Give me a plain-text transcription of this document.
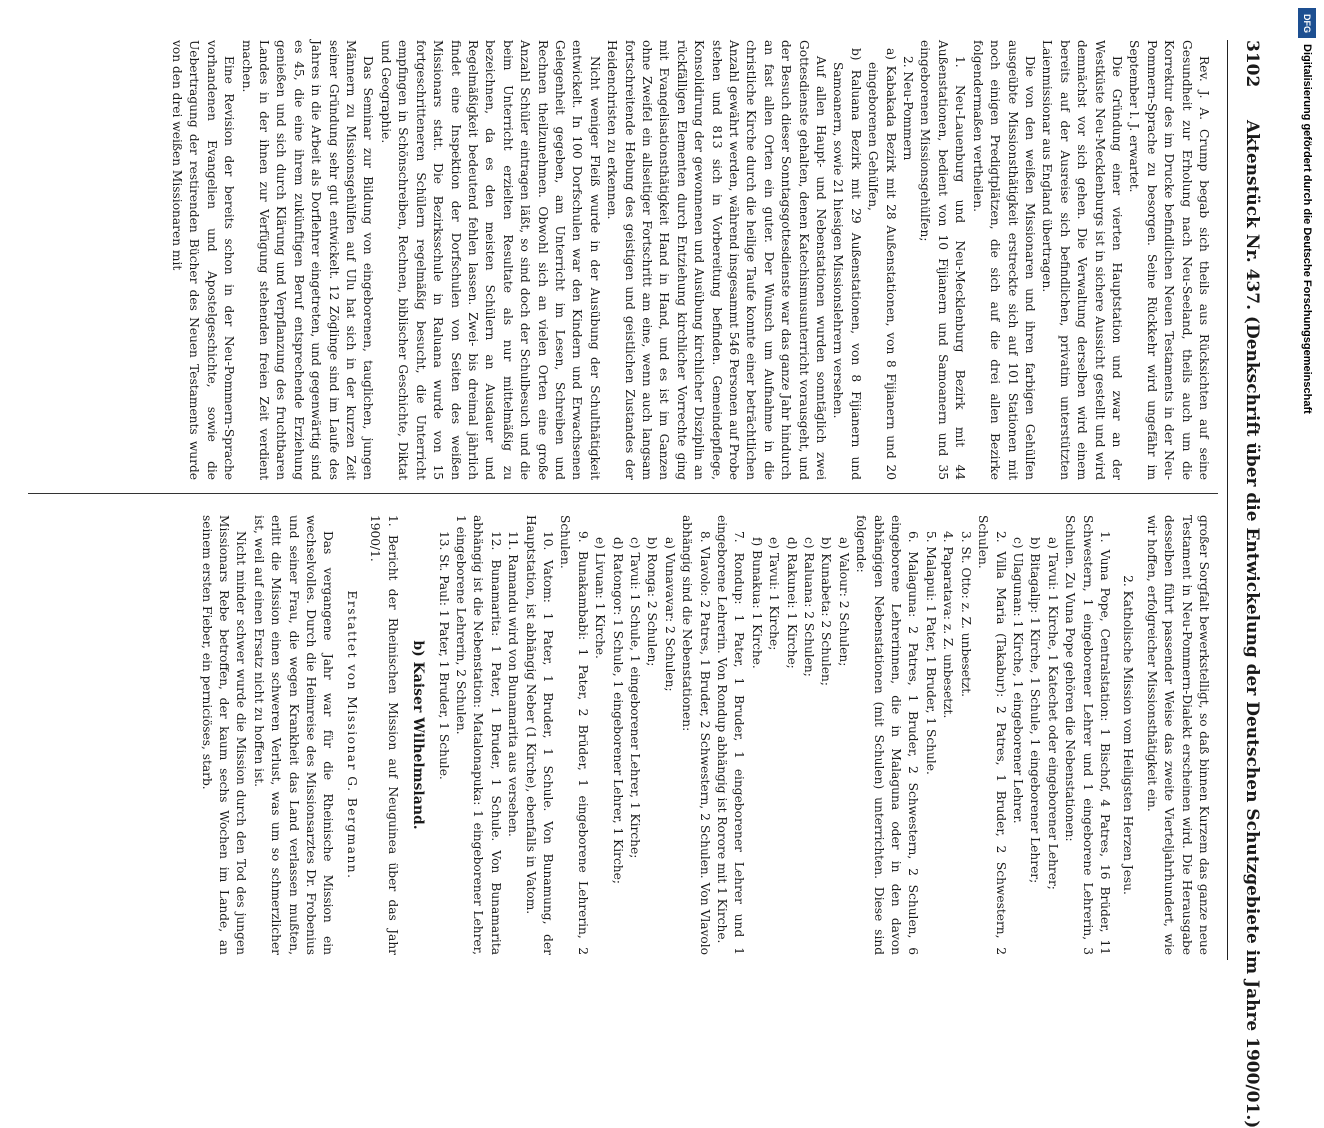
3102
Aktenstück Nr. 437. (Denkschrift über die Entwickelung der Deutschen Schutzgebiete im Jahre 1900/01.)

Rev. J. A. Crump begab sich theils aus Rücksichten auf seine Gesundheit zur Erholung nach Neu-Seeland, theils auch um die Korrektur des im Drucke befindlichen Neuen Testaments in der Neu-Pommern-Sprache zu besorgen. Seine Rückkehr wird ungefähr im September l. J. erwartet.

Die Gründung einer vierten Hauptstation und zwar an der Westküste Neu-Mecklenburgs ist in sichere Aussicht gestellt und wird demnächst vor sich gehen. Die Verwaltung derselben wird einem bereits auf der Ausreise sich befindlichen, privatim unterstützten Laienmissionar aus England übertragen.

Die von den weißen Missionaren und ihren farbigen Gehülfen ausgeübte Missionsthätigkeit erstreckte sich auf 101 Stationen mit noch einigen Predigtplätzen, die sich auf die drei allen Bezirke folgendermaßen vertheilen.

1. Neu-Lauenburg und Neu-Mecklenburg Bezirk mit 44 Außenstationen, bedient von 10 Fijianern und Samoanern und 35 eingeborenen Missionsgehülfen;

2. Neu-Pommern

a) Kabakada Bezirk mit 28 Außenstationen, von 8 Fijianern und 20 eingeborenen Gehülfen,

b) Raluana Bezirk mit 29 Außenstationen, von 8 Fijianern und Samoanern, sowie 21 hiesigen Missionslehrern versehen.

Auf allen Haupt- und Nebenstationen wurden sonntäglich zwei Gottesdienste gehalten, denen Katechismusunterricht vorausgeht, und der Besuch dieser Sonntagsgottesdienste war das ganze Jahr hindurch an fast allen Orten ein guter. Der Wunsch um Aufnahme in die christliche Kirche durch die heilige Taufe konnte einer beträchtlichen Anzahl gewährt werden, während insgesammt 546 Personen auf Probe stehen und 813 sich in Vorbereitung befinden. Gemeindepflege, Konsolidirung der gewonnenen und Ausübung kirchlicher Disziplin an rückfälligen Elementen durch Entziehung kirchlicher Vorrechte ging mit Evangelisationsthätigkeit Hand in Hand, und es ist im Ganzen ohne Zweifel ein allseitiger Fortschritt am eine, wenn auch langsam fortschreitende Hebung des geistigen und geistlichen Zustandes der Heidenchristen zu erkennen.

Nicht weniger Fleiß wurde in der Ausübung der Schulthätigkeit entwickelt. In 100 Dorfschulen war den Kindern und Erwachsenen Gelegenheit gegeben, am Unterricht im Lesen, Schreiben und Rechnen theilzunehmen. Obwohl sich an vielen Orten eine große Anzahl Schüler eintragen läßt, so sind doch der Schulbesuch und die beim Unterricht erzielten Resultate als nur mittelmäßig zu bezeichnen, da es den meisten Schülern an Ausdauer und Regelmäßigkeit bedeutend fehlen lassen. Zwei- bis dreimal jährlich findet eine Inspektion der Dorfschulen von Seiten des weißen Missionars statt. Die Bezirksschule in Raluana wurde von 15 fortgeschritteneren Schülern regelmäßig besucht, die Unterricht empfingen in Schönschreiben, Rechnen, biblischer Geschichte, Diktat und Geographie.

Das Seminar zur Bildung von eingeborenen, tauglichen, jungen Männern zu Missionsgehülfen auf Ulu hat sich in der kurzen Zeit seiner Gründung sehr gut entwickelt. 12 Zöglinge sind im Laufe des Jahres in die Arbeit als Dorflehrer eingetreten, und gegenwärtig sind es 45, die eine ihrem zukünftigen Beruf entsprechende Erziehung genießen und sich durch Klärung und Verpflanzung des fruchtbaren Landes in der ihnen zur Verfügung stehenden freien Zeit verdient machen.

Eine Revision der bereits schon in der Neu-Pommern-Sprache vorhandenen Evangelien und Apostelgeschichte, sowie die Uebertragung der restirenden Bücher des Neuen Testaments wurde von den drei weißen Missionaren mit

großer Sorgfalt bewerkstelligt, so daß binnen Kurzem das ganze neue Testament in Neu-Pommern-Dialekt erscheinen wird. Die Herausgabe desselben führt passender Weise das zweite Vierteljahrhundert, wie wir hoffen, erfolgreicher Missionsthätigkeit ein.

2. Katholische Mission vom Heiligsten Herzen Jesu.

1. Vuna Pope, Centralstation: 1 Bischof, 4 Patres, 16 Brüder, 11 Schwestern, 1 eingeborener Lehrer und 1 eingeborene Lehrerin, 3 Schulen. Zu Vuna Pope gehören die Nebenstationen:

a) Tavui: 1 Kirche, 1 Katechet oder eingeborener Lehrer;

b) Bitagalip: 1 Kirche, 1 Schule, 1 eingeborener Lehrer;

c) Ulagunan: 1 Kirche, 1 eingeborener Lehrer.

2. Villa Maria (Takabur): 2 Patres, 1 Bruder, 2 Schwestern, 2 Schulen.

3. St. Otto: z. Z. unbesetzt.

4. Paparatava: z. Z. unbesetzt.

5. Malapui: 1 Pater, 1 Bruder, 1 Schule.

6. Malaguna: 2 Patres, 1 Bruder, 2 Schwestern, 2 Schulen, 6 eingeborene Lehrerinnen, die in Malaguna oder in den davon abhängigen Nebenstationen (mit Schulen) unterrichten. Diese sind folgende:

a) Valour: 2 Schulen;

b) Kunabeta: 2 Schulen;

c) Raluana: 2 Schulen;

d) Rakunei: 1 Kirche;

e) Tavui: 1 Kirche;

f) Bunakua: 1 Kirche.

7. Rondup: 1 Pater, 1 Bruder, 1 eingeborener Lehrer und 1 eingeborene Lehrerin. Von Rondup abhängig ist Rorore mit 1 Kirche.

8. Vlavolo: 2 Patres, 1 Bruder, 2 Schwestern, 2 Schulen. Von Vlavolo abhängig sind die Nebenstationen:

a) Vunavavar: 2 Schulen;

b) Ronga: 2 Schulen;

c) Tavui: 1 Schule, 1 eingeborener Lehrer, 1 Kirche;

d) Ratongor: 1 Schule, 1 eingeborener Lehrer, 1 Kirche;

e) Livuan: 1 Kirche.

9. Bunakambabi: 1 Pater, 2 Brüder, 1 eingeborene Lehrerin, 2 Schulen.

10. Vatom: 1 Pater, 1 Bruder, 1 Schule. Von Bunamung, der Hauptstation, ist abhängig Neber (1 Kirche), ebenfalls in Vatom.

11. Ramandu wird von Bunamarita aus versehen.

12. Bunamarita: 1 Pater, 1 Bruder, 1 Schule. Von Bunamarita abhängig ist die Nebenstation: Matalonapuka: 1 eingeborener Lehrer, 1 eingeborene Lehrerin, 2 Schulen.

13. St. Paul: 1 Pater, 1 Bruder, 1 Schule.

b) Kaiser Wilhelmsland.

1. Bericht der Rheinischen Mission auf Neuguinea über das Jahr 1900/1.

Erstattet von Missionar G. Bergmann.

Das vergangene Jahr war für die Rheinische Mission ein wechselvolles. Durch die Heimreise des Missionsarztes Dr. Frobenius und seiner Frau, die wegen Krankheit das Land verlassen mußten, erlitt die Mission einen schweren Verlust, was um so schmerzlicher ist, weil auf einen Ersatz nicht zu hoffen ist.

Nicht minder schwer wurde die Mission durch den Tod des jungen Missionars Rebe betroffen, der kaum sechs Wochen im Lande, an seinem ersten Fieber, ein perniciöses, starb.

DFG
Digitalisierung gefördert durch die Deutsche Forschungsgemeinschaft
